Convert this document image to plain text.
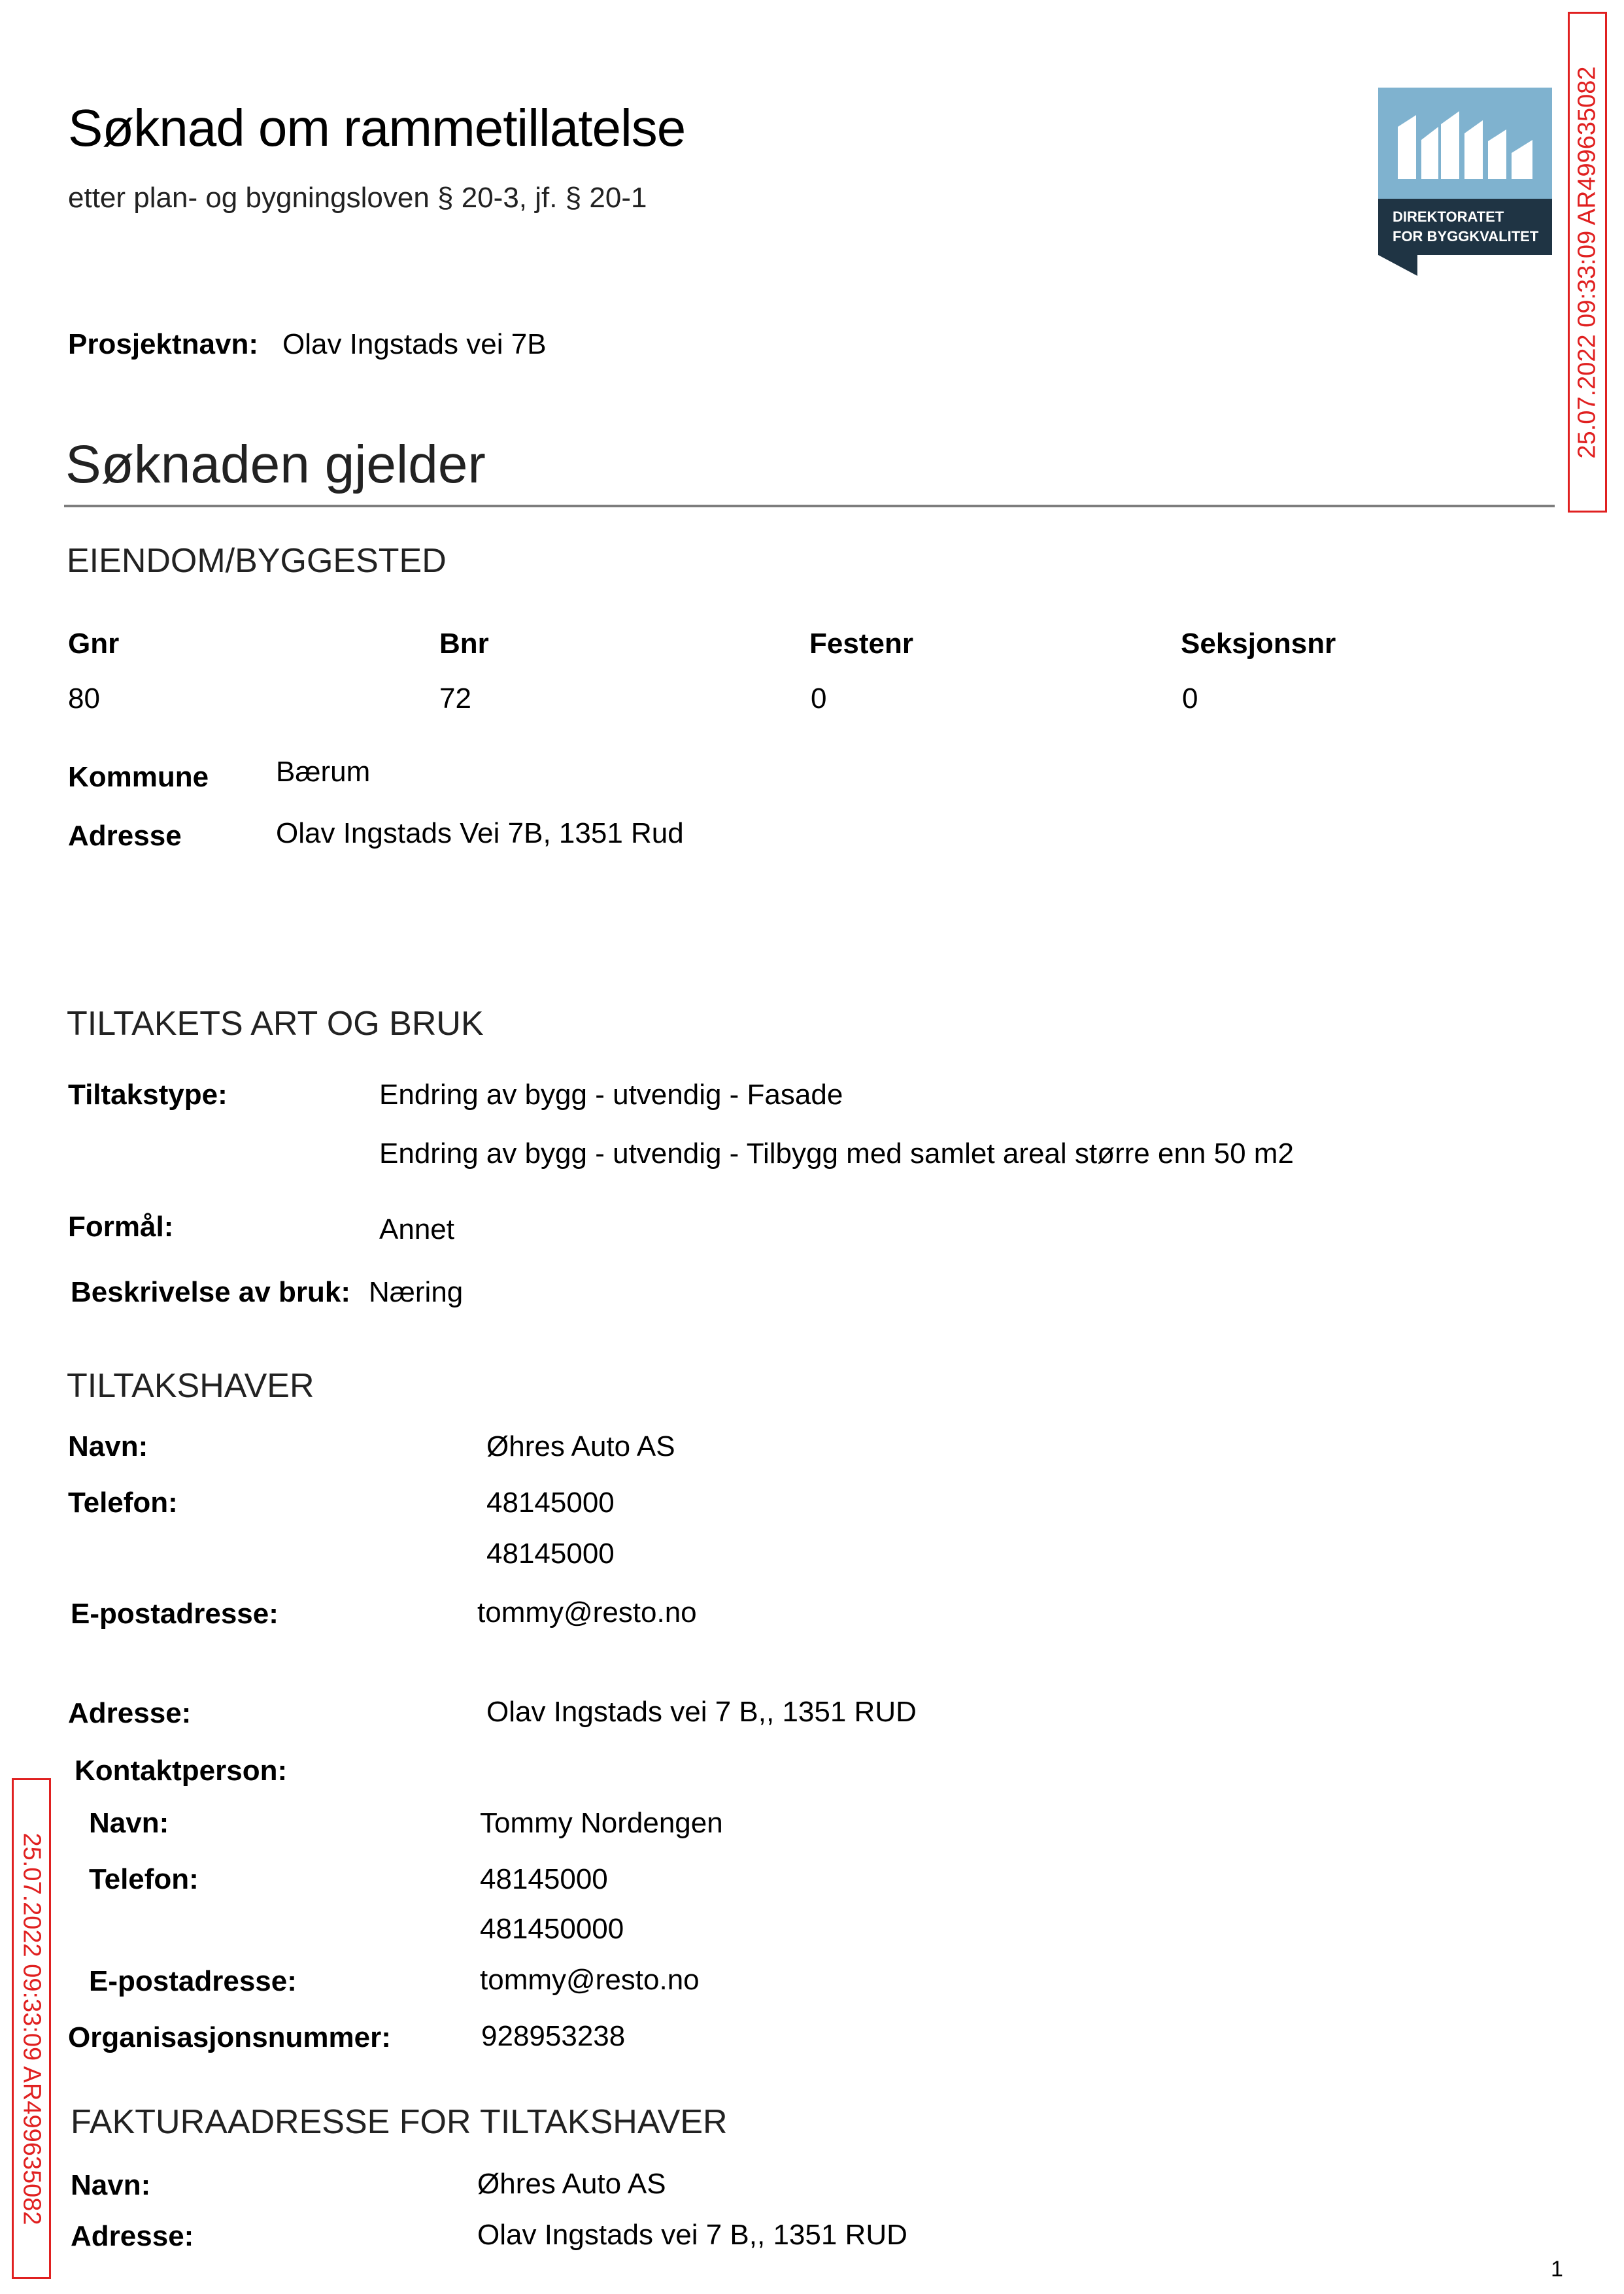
Søknad om rammetillatelse
etter plan- og bygningsloven § 20-3, jf. § 20-1
DIREKTORATET
FOR BYGGKVALITET 25.07.2022 09:33:09 AR499635082
Prosjektnavn: Olav Ingstads vei 7B
Søknaden gjelder
EIENDOM/BYGGESTED
Gnr	Bnr	Festenr	Seksjonsnr
80	72	0	0
Kommune Bærum
Adresse	Olav Ingstads Vei 7B, 1351 Rud
TILTAKETS ART OG BRUK
Tiltakstype:	Endring av bygg - utvendig - Fasade
Endring av bygg - utvendig - Tilbygg med samlet areal større enn 50 m2
Formål:	Annet
Beskrivelse av bruk: Næring
TILTAKSHAVER
Navn:	Øhres Auto AS
Telefon:	48145000
48145000
E-postadresse:	tommy@resto.no
Adresse:	Olav Ingstads vei 7 B,, 1351 RUD
Kontaktperson:
Navn:	Tommy Nordengen
Telefon:	48145000
481450000
E-postadresse:	tommy@resto.no
Organisasjonsnummer:	928953238
25.07.2022 09:33:09 AR499635082 FAKTURAADRESSE FOR TILTAKSHAVER
Navn:	Øhres Auto AS
Adresse:	Olav Ingstads vei 7 B,, 1351 RUD
1
